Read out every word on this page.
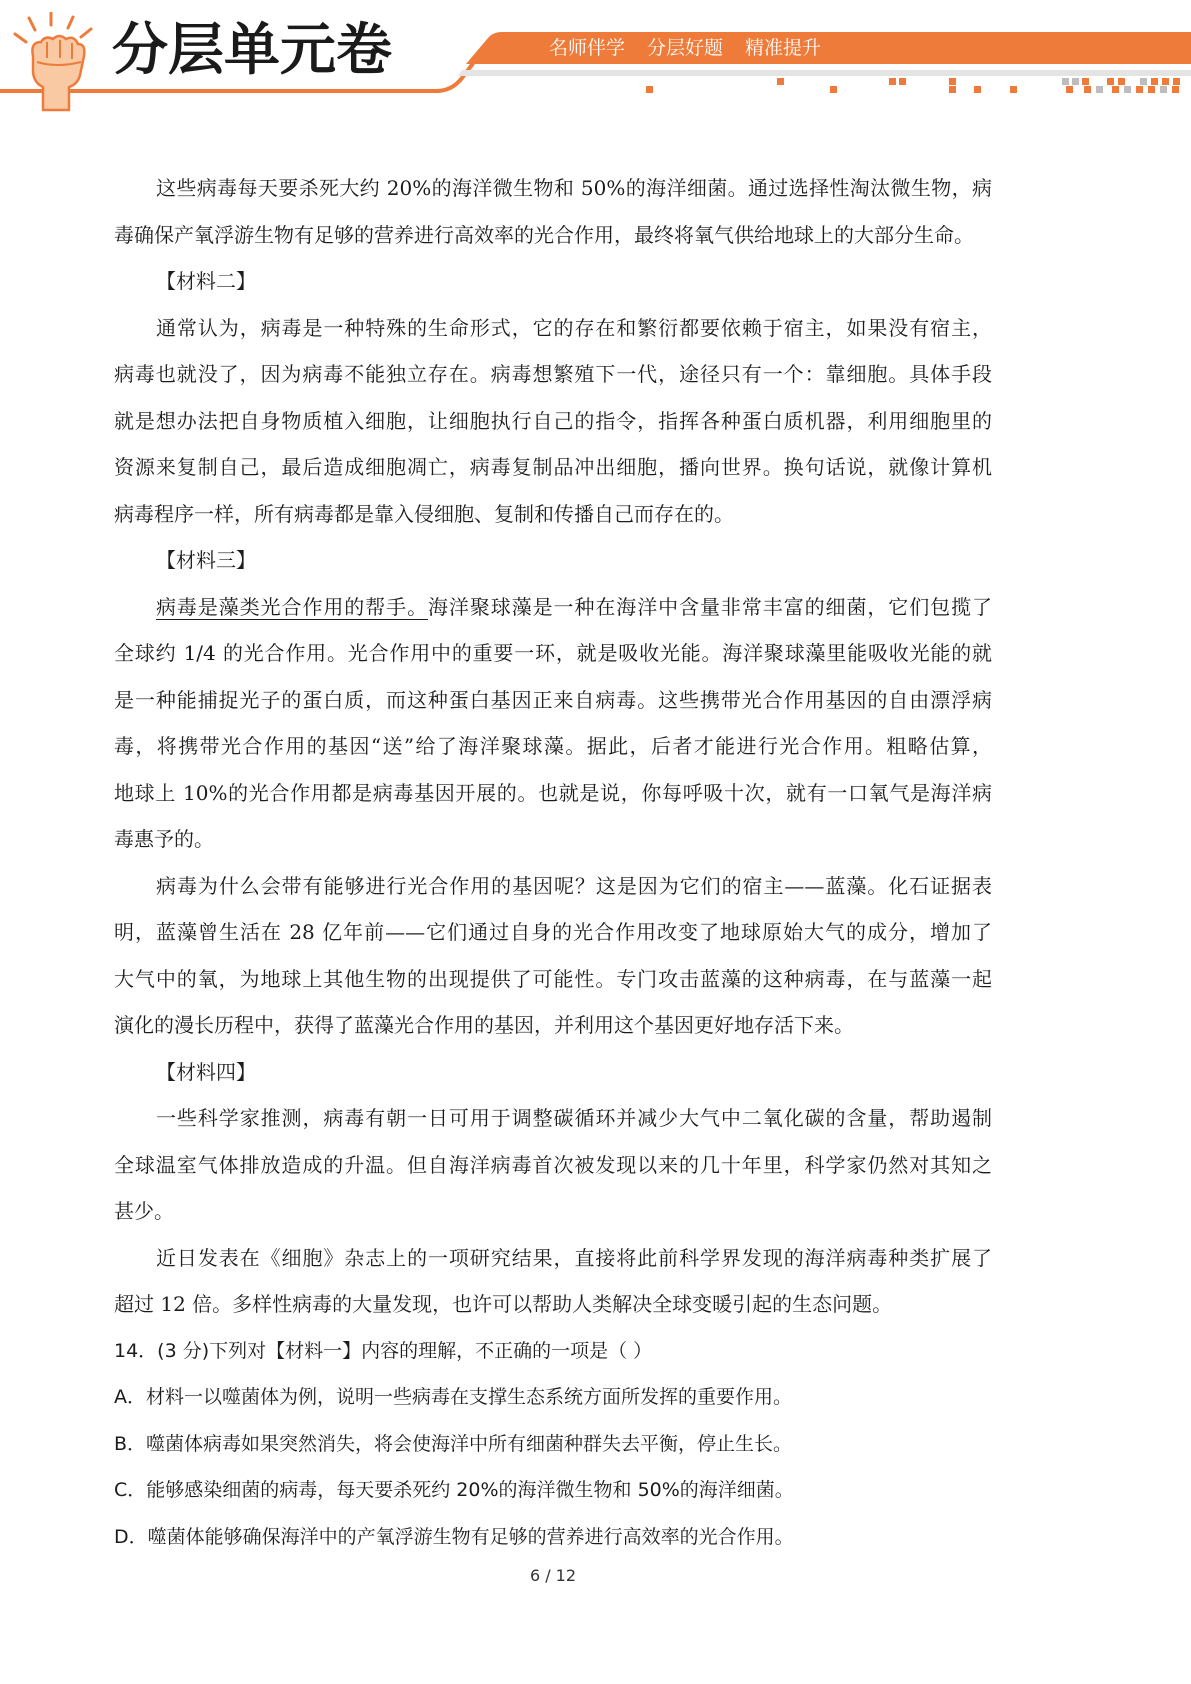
分层单元卷	名师伴学 分层好题 精准提升
这些病毒每天要杀死大约 20%的海洋微生物和 50%的海洋细菌。通过选择性淘汰微生物，病
毒确保产氧浮游生物有足够的营养进行高效率的光合作用，最终将氧气供给地球上的大部分生命。
【材料二】
通常认为，病毒是一种特殊的生命形式，它的存在和繁衍都要依赖于宿主，如果没有宿主，
病毒也就没了，因为病毒不能独立存在。病毒想繁殖下一代，途径只有一个：靠细胞。具体手段
就是想办法把自身物质植入细胞，让细胞执行自己的指令，指挥各种蛋白质机器，利用细胞里的
资源来复制自己，最后造成细胞凋亡，病毒复制品冲出细胞，播向世界。换句话说，就像计算机
病毒程序一样，所有病毒都是靠入侵细胞、复制和传播自己而存在的。
【材料三】
病毒是藻类光合作用的帮手。海洋聚球藻是一种在海洋中含量非常丰富的细菌，它们包揽了
全球约 1/4 的光合作用。光合作用中的重要一环，就是吸收光能。海洋聚球藻里能吸收光能的就
是一种能捕捉光子的蛋白质，而这种蛋白基因正来自病毒。这些携带光合作用基因的自由漂浮病
毒，将携带光合作用的基因“送”给了海洋聚球藻。据此，后者才能进行光合作用。粗略估算，
地球上 10%的光合作用都是病毒基因开展的。也就是说，你每呼吸十次，就有一口氧气是海洋病
毒惠予的。
病毒为什么会带有能够进行光合作用的基因呢？这是因为它们的宿主——蓝藻。化石证据表
明，蓝藻曾生活在 28 亿年前——它们通过自身的光合作用改变了地球原始大气的成分，增加了
大气中的氧，为地球上其他生物的出现提供了可能性。专门攻击蓝藻的这种病毒，在与蓝藻一起
演化的漫长历程中，获得了蓝藻光合作用的基因，并利用这个基因更好地存活下来。
【材料四】
一些科学家推测，病毒有朝一日可用于调整碳循环并减少大气中二氧化碳的含量，帮助遏制
全球温室气体排放造成的升温。但自海洋病毒首次被发现以来的几十年里，科学家仍然对其知之
甚少。
近日发表在《细胞》杂志上的一项研究结果，直接将此前科学界发现的海洋病毒种类扩展了
超过 12 倍。多样性病毒的大量发现，也许可以帮助人类解决全球变暖引起的生态问题。
14．(3 分)下列对【材料一】内容的理解，不正确的一项是（ ）
A．材料一以噬菌体为例，说明一些病毒在支撑生态系统方面所发挥的重要作用。
B．噬菌体病毒如果突然消失，将会使海洋中所有细菌种群失去平衡，停止生长。
C．能够感染细菌的病毒，每天要杀死约 20%的海洋微生物和 50%的海洋细菌。
D．噬菌体能够确保海洋中的产氧浮游生物有足够的营养进行高效率的光合作用。
6 / 12
